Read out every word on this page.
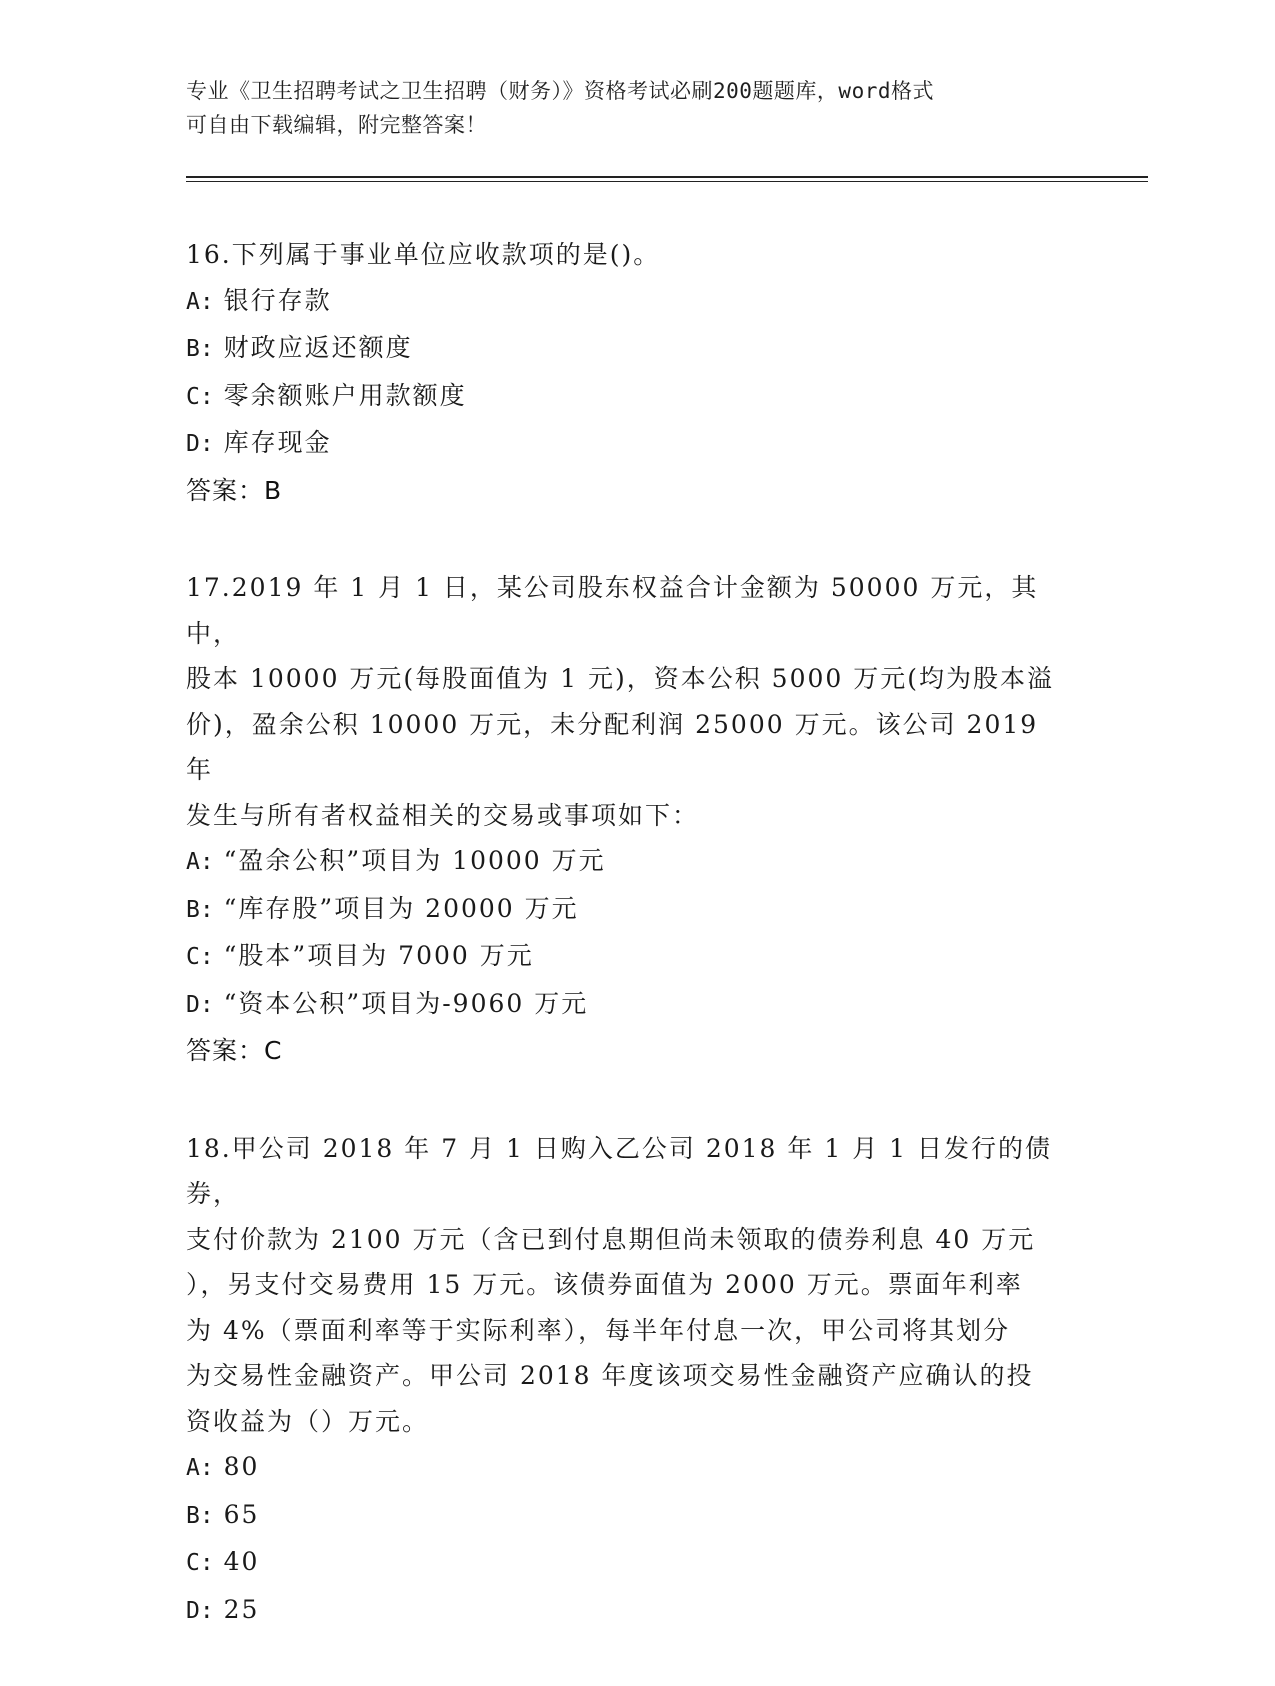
专业《卫生招聘考试之卫生招聘（财务）》资格考试必刷200题题库，word格式
可自由下载编辑，附完整答案！
16.下列属于事业单位应收款项的是()。
A: 银行存款
B: 财政应返还额度
C: 零余额账户用款额度
D: 库存现金
答案：B
17.2019 年 1 月 1 日，某公司股东权益合计金额为 50000 万元，其中，
股本 10000 万元(每股面值为 1 元)，资本公积 5000 万元(均为股本溢
价)，盈余公积 10000 万元，未分配利润 25000 万元。该公司 2019 年
发生与所有者权益相关的交易或事项如下：
A: “盈余公积”项目为 10000 万元
B: “库存股”项目为 20000 万元
C: “股本”项目为 7000 万元
D: “资本公积”项目为-9060 万元
答案：C
18.甲公司 2018 年 7 月 1 日购入乙公司 2018 年 1 月 1 日发行的债券，
支付价款为 2100 万元（含已到付息期但尚未领取的债券利息 40 万元
），另支付交易费用 15 万元。该债券面值为 2000 万元。票面年利率
为 4%（票面利率等于实际利率），每半年付息一次，甲公司将其划分
为交易性金融资产。甲公司 2018 年度该项交易性金融资产应确认的投
资收益为（）万元。
A: 80
B: 65
C: 40
D: 25
